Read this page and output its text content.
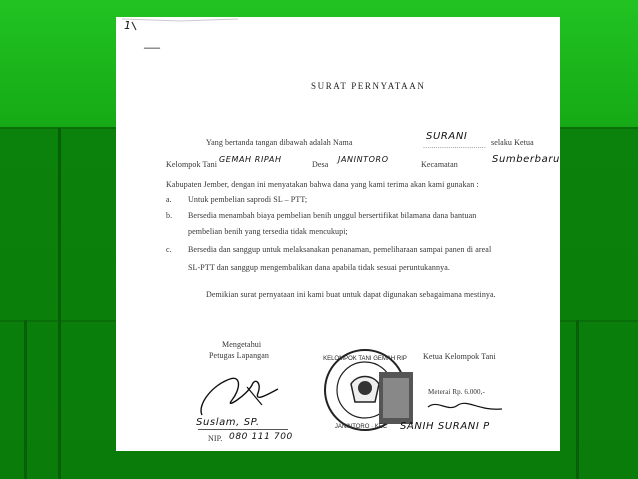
1
—
SURAT PERNYATAAN
Yang bertanda tangan dibawah adalah Nama
SURANI
.............................. selaku Ketua
Kelompok Tani
GEMAH RIPAH
Desa
JANINTORO
Kecamatan	Sumberbaru
Kabupaten Jember, dengan ini menyatakan bahwa dana yang kami terima akan kami gunakan :
a. Untuk pembelian saprodi SL – PTT;
b. Bersedia menambah biaya pembelian benih unggul bersertifikat bilamana dana bantuan
pembelian benih yang tersedia tidak mencukupi;
c. Bersedia dan sanggup untuk melaksanakan penanaman, pemeliharaan sampai panen di areal
SL-PTT dan sanggup mengembalikan dana apabila tidak sesuai peruntukannya.
Demikian surat pernyataan ini kami buat untuk dapat digunakan sebagaimana mestinya.
Mengetahui
Petugas Lapangan
Suslam, SP.
NIP. 080 111 700
KELOMPOK TANI GEMAH RIP
JANINTORO · KEC
Ketua Kelompok Tani
Meterai Rp. 6.000,-
SANIH SURANI P
